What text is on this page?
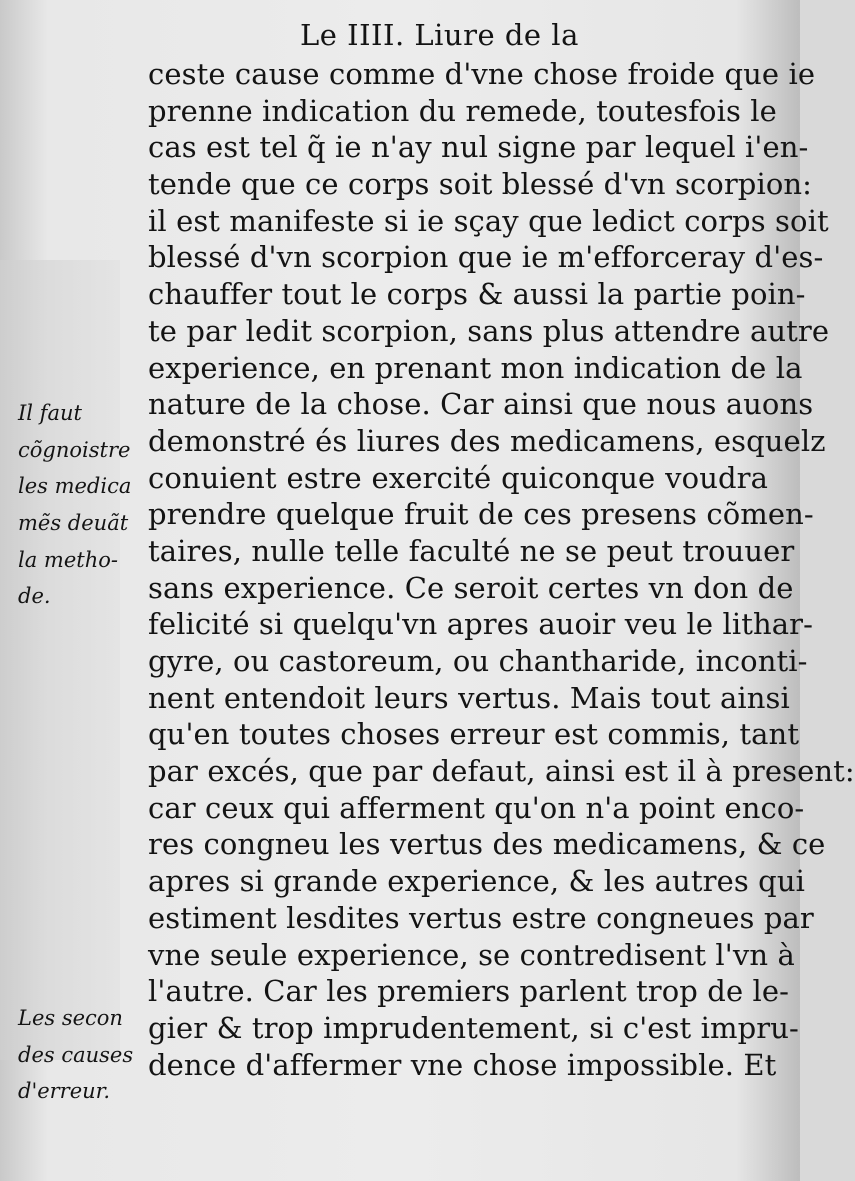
Le IIII. Liure de la
ceste cause comme d'vne chose froide que ie
prenne indication du remede, toutesfois le
cas est tel q̃ ie n'ay nul signe par lequel i'en-
tende que ce corps soit blessé d'vn scorpion:
il est manifeste si ie sçay que ledict corps soit
blessé d'vn scorpion que ie m'efforceray d'es-
chauffer tout le corps & aussi la partie poin-
te par ledit scorpion, sans plus attendre autre
experience, en prenant mon indication de la
nature de la chose. Car ainsi que nous auons
demonstré és liures des medicamens, esquelz
conuient estre exercité quiconque voudra
prendre quelque fruit de ces presens cõmen-
taires, nulle telle faculté ne se peut trouuer
sans experience. Ce seroit certes vn don de
felicité si quelqu'vn apres auoir veu le lithar-
gyre, ou castoreum, ou chantharide, inconti-
nent entendoit leurs vertus. Mais tout ainsi
qu'en toutes choses erreur est commis, tant
par excés, que par defaut, ainsi est il à present:
car ceux qui afferment qu'on n'a point enco-
res congneu les vertus des medicamens, & ce
apres si grande experience, & les autres qui
estiment lesdites vertus estre congneues par
vne seule experience, se contredisent l'vn à
l'autre. Car les premiers parlent trop de le-
gier & trop imprudentement, si c'est impru-
dence d'affermer vne chose impossible. Et
Il faut
cõgnoistre
les medica
mẽs deuãt
la metho-
de.
Les secon
des causes
d'erreur.
